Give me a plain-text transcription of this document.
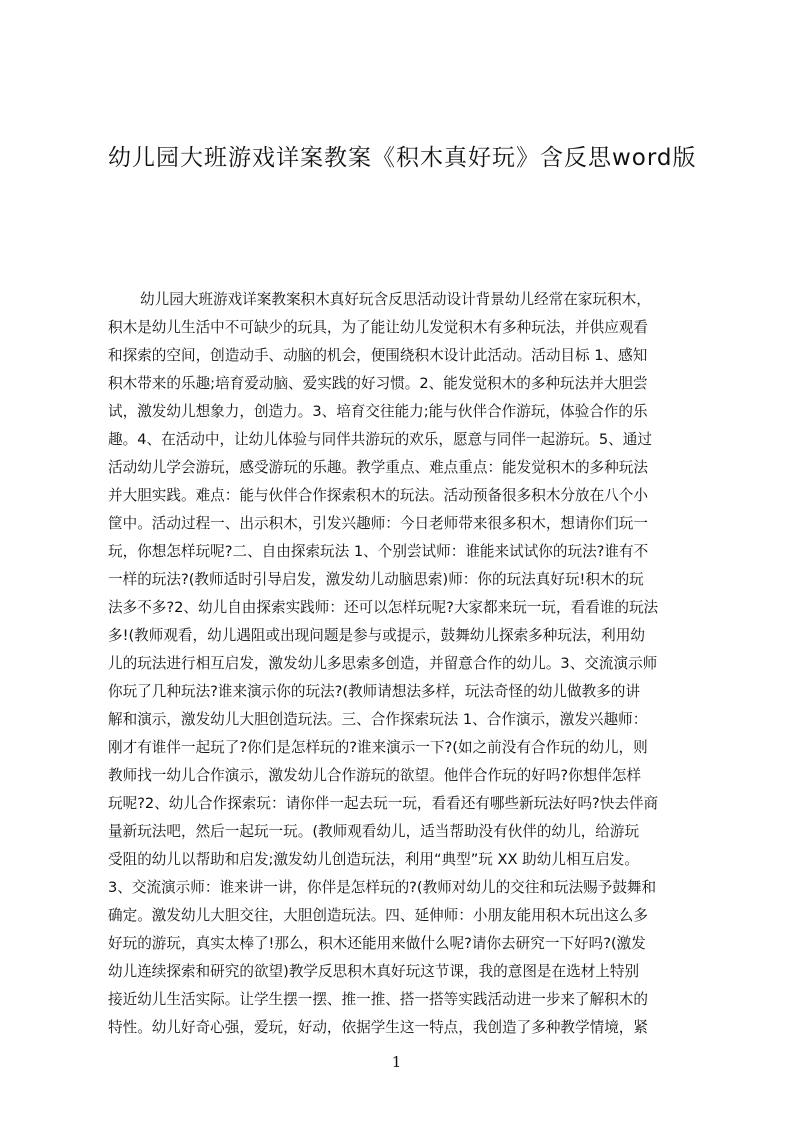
幼儿园大班游戏详案教案《积木真好玩》含反思word版
幼儿园大班游戏详案教案积木真好玩含反思活动设计背景幼儿经常在家玩积木，
积木是幼儿生活中不可缺少的玩具，为了能让幼儿发觉积木有多种玩法，并供应观看
和探索的空间，创造动手、动脑的机会，便围绕积木设计此活动。活动目标 1、感知
积木带来的乐趣;培育爱动脑、爱实践的好习惯。2、能发觉积木的多种玩法并大胆尝
试，激发幼儿想象力，创造力。3、培育交往能力;能与伙伴合作游玩，体验合作的乐
趣。4、在活动中，让幼儿体验与同伴共游玩的欢乐，愿意与同伴一起游玩。5、通过
活动幼儿学会游玩，感受游玩的乐趣。教学重点、难点重点：能发觉积木的多种玩法
并大胆实践。难点：能与伙伴合作探索积木的玩法。活动预备很多积木分放在八个小
筐中。活动过程一、出示积木，引发兴趣师：今日老师带来很多积木，想请你们玩一
玩，你想怎样玩呢?二、自由探索玩法 1、个别尝试师：谁能来试试你的玩法?谁有不
一样的玩法?(教师适时引导启发，激发幼儿动脑思索)师：你的玩法真好玩!积木的玩
法多不多?2、幼儿自由探索实践师：还可以怎样玩呢?大家都来玩一玩，看看谁的玩法
多!(教师观看，幼儿遇阻或出现问题是参与或提示，鼓舞幼儿探索多种玩法，利用幼
儿的玩法进行相互启发，激发幼儿多思索多创造，并留意合作的幼儿。3、交流演示师
你玩了几种玩法?谁来演示你的玩法?(教师请想法多样，玩法奇怪的幼儿做教多的讲
解和演示，激发幼儿大胆创造玩法。三、合作探索玩法 1、合作演示，激发兴趣师：
刚才有谁伴一起玩了?你们是怎样玩的?谁来演示一下?(如之前没有合作玩的幼儿，则
教师找一幼儿合作演示，激发幼儿合作游玩的欲望。他伴合作玩的好吗?你想伴怎样
玩呢?2、幼儿合作探索玩：请你伴一起去玩一玩，看看还有哪些新玩法好吗?快去伴商
量新玩法吧，然后一起玩一玩。(教师观看幼儿，适当帮助没有伙伴的幼儿，给游玩
受阻的幼儿以帮助和启发;激发幼儿创造玩法，利用“典型”玩 XX 助幼儿相互启发。
3、交流演示师：谁来讲一讲，你伴是怎样玩的?(教师对幼儿的交往和玩法赐予鼓舞和
确定。激发幼儿大胆交往，大胆创造玩法。四、延伸师：小朋友能用积木玩出这么多
好玩的游玩，真实太棒了!那么，积木还能用来做什么呢?请你去研究一下好吗?(激发
幼儿连续探索和研究的欲望)教学反思积木真好玩这节课，我的意图是在选材上特别
接近幼儿生活实际。让学生摆一摆、推一推、搭一搭等实践活动进一步来了解积木的
特性。幼儿好奇心强，爱玩，好动，依据学生这一特点，我创造了多种教学情境，紧
1
